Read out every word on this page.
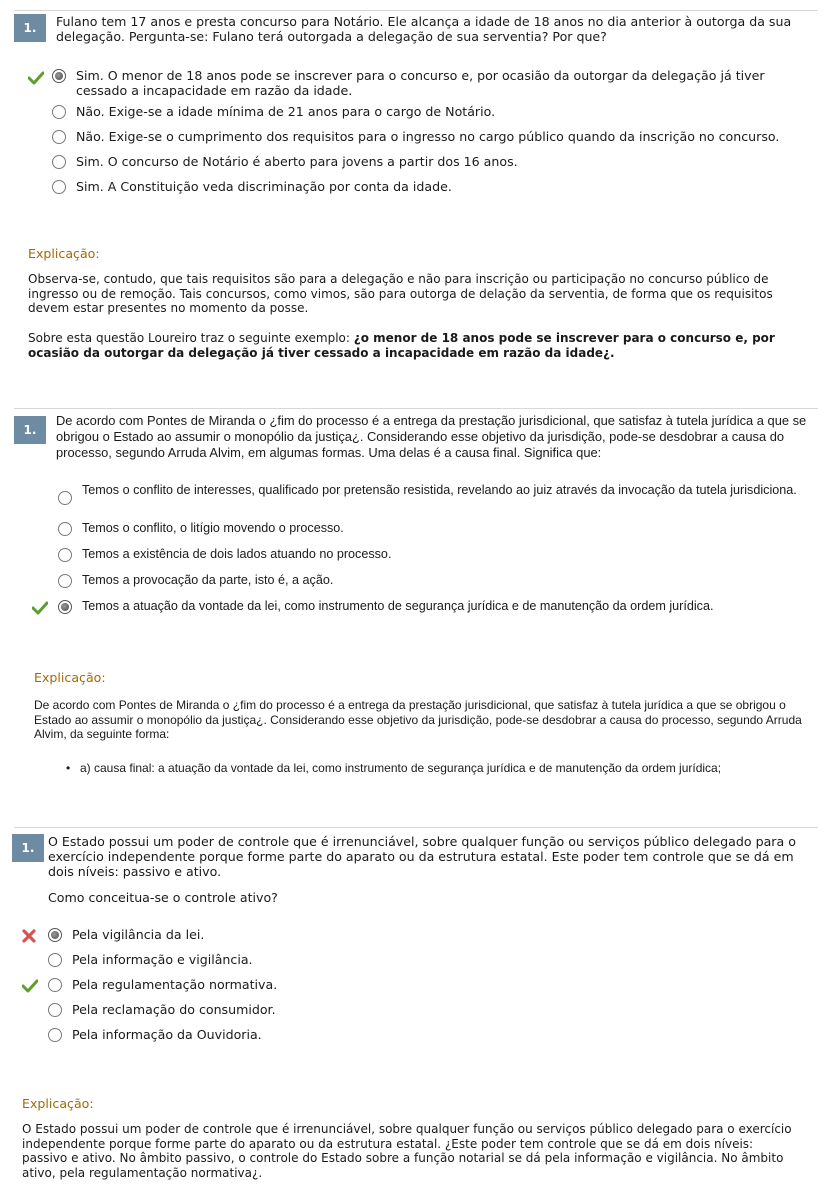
1.	Fulano tem 17 anos e presta concurso para Notário. Ele alcança a idade de 18 anos no dia anterior à outorga da sua delegação. Pergunta-se: Fulano terá outorgada a delegação de sua serventia? Por que?
Sim. O menor de 18 anos pode se inscrever para o concurso e, por ocasião da outorgar da delegação já tiver cessado a incapacidade em razão da idade.
Não. Exige-se a idade mínima de 21 anos para o cargo de Notário.
Não. Exige-se o cumprimento dos requisitos para o ingresso no cargo público quando da inscrição no concurso.
Sim. O concurso de Notário é aberto para jovens a partir dos 16 anos.
Sim. A Constituição veda discriminação por conta da idade.
Explicação:
Observa-se, contudo, que tais requisitos são para a delegação e não para inscrição ou participação no concurso público de ingresso ou de remoção. Tais concursos, como vimos, são para outorga de delação da serventia, de forma que os requisitos devem estar presentes no momento da posse.
Sobre esta questão Loureiro traz o seguinte exemplo: ¿o menor de 18 anos pode se inscrever para o concurso e, por ocasião da outorgar da delegação já tiver cessado a incapacidade em razão da idade¿.
1.
De acordo com Pontes de Miranda o ¿fim do processo é a entrega da prestação jurisdicional, que satisfaz à tutela jurídica a que se obrigou o Estado ao assumir o monopólio da justiça¿. Considerando esse objetivo da jurisdição, pode-se desdobrar a causa do processo, segundo Arruda Alvim, em algumas formas. Uma delas é a causa final. Significa que:
Temos o conflito de interesses, qualificado por pretensão resistida, revelando ao juiz através da invocação da tutela jurisdiciona.
Temos o conflito, o litígio movendo o processo.
Temos a existência de dois lados atuando no processo.
Temos a provocação da parte, isto é, a ação.
Temos a atuação da vontade da lei, como instrumento de segurança jurídica e de manutenção da ordem jurídica.
Explicação:
De acordo com Pontes de Miranda o ¿fim do processo é a entrega da prestação jurisdicional, que satisfaz à tutela jurídica a que se obrigou o Estado ao assumir o monopólio da justiça¿. Considerando esse objetivo da jurisdição, pode-se desdobrar a causa do processo, segundo Arruda Alvim, da seguinte forma:
• a) causa final: a atuação da vontade da lei, como instrumento de segurança jurídica e de manutenção da ordem jurídica;
1.	O Estado possui um poder de controle que é irrenunciável, sobre qualquer função ou serviços público delegado para o exercício independente porque forme parte do aparato ou da estrutura estatal. Este poder tem controle que se dá em dois níveis: passivo e ativo.
Como conceitua-se o controle ativo?
Pela vigilância da lei.
Pela informação e vigilância.
Pela regulamentação normativa.
Pela reclamação do consumidor.
Pela informação da Ouvidoria.
Explicação:
O Estado possui um poder de controle que é irrenunciável, sobre qualquer função ou serviços público delegado para o exercício independente porque forme parte do aparato ou da estrutura estatal. ¿Este poder tem controle que se dá em dois níveis: passivo e ativo. No âmbito passivo, o controle do Estado sobre a função notarial se dá pela informação e vigilância. No âmbito ativo, pela regulamentação normativa¿.
